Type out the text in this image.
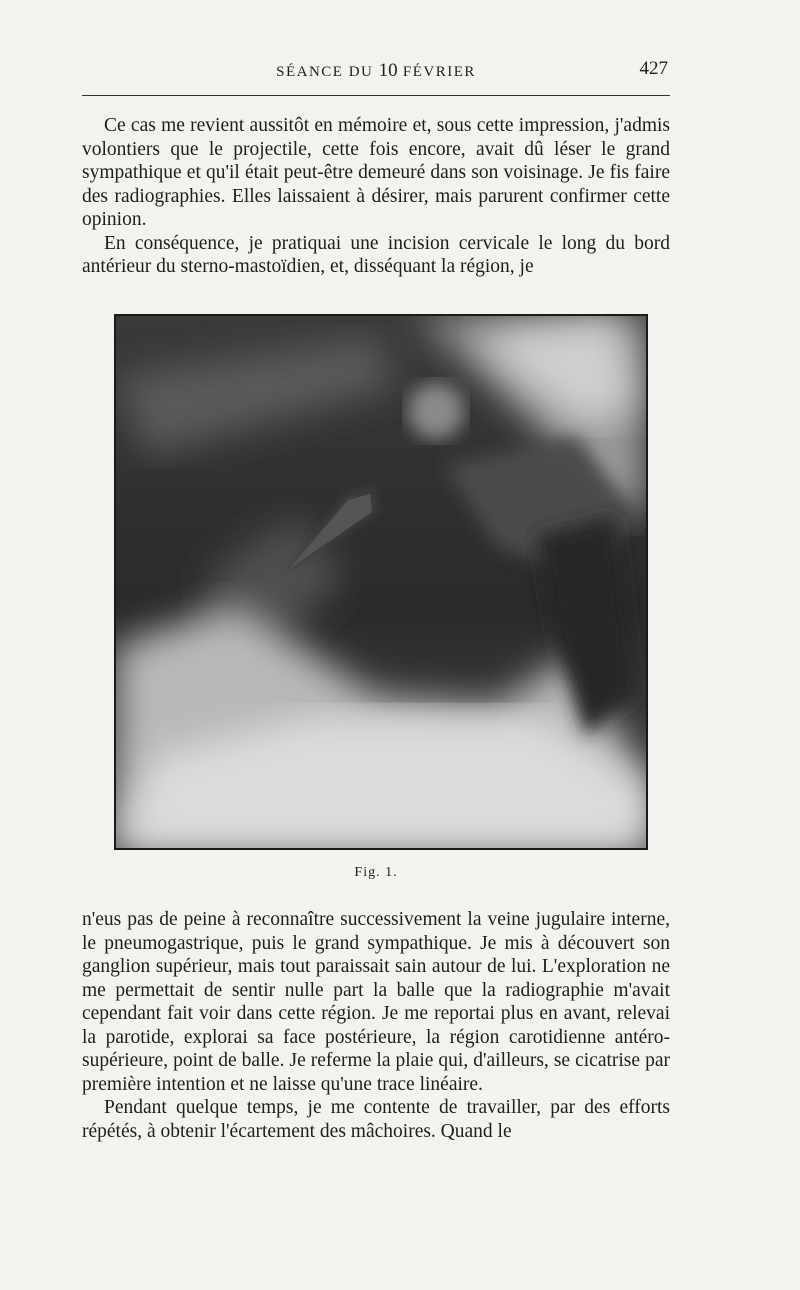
SÉANCE DU 10 FÉVRIER	427

Ce cas me revient aussitôt en mémoire et, sous cette impression, j'admis volontiers que le projectile, cette fois encore, avait dû léser le grand sympathique et qu'il était peut-être demeuré dans son voisinage. Je fis faire des radiographies. Elles laissaient à désirer, mais parurent confirmer cette opinion.

En conséquence, je pratiquai une incision cervicale le long du bord antérieur du sterno-mastoïdien, et, disséquant la région, je

Fig. 1.

n'eus pas de peine à reconnaître successivement la veine jugulaire interne, le pneumogastrique, puis le grand sympathique. Je mis à découvert son ganglion supérieur, mais tout paraissait sain autour de lui. L'exploration ne me permettait de sentir nulle part la balle que la radiographie m'avait cependant fait voir dans cette région. Je me reportai plus en avant, relevai la parotide, explorai sa face postérieure, la région carotidienne antéro-supérieure, point de balle. Je referme la plaie qui, d'ailleurs, se cicatrise par première intention et ne laisse qu'une trace linéaire.

Pendant quelque temps, je me contente de travailler, par des efforts répétés, à obtenir l'écartement des mâchoires. Quand le
